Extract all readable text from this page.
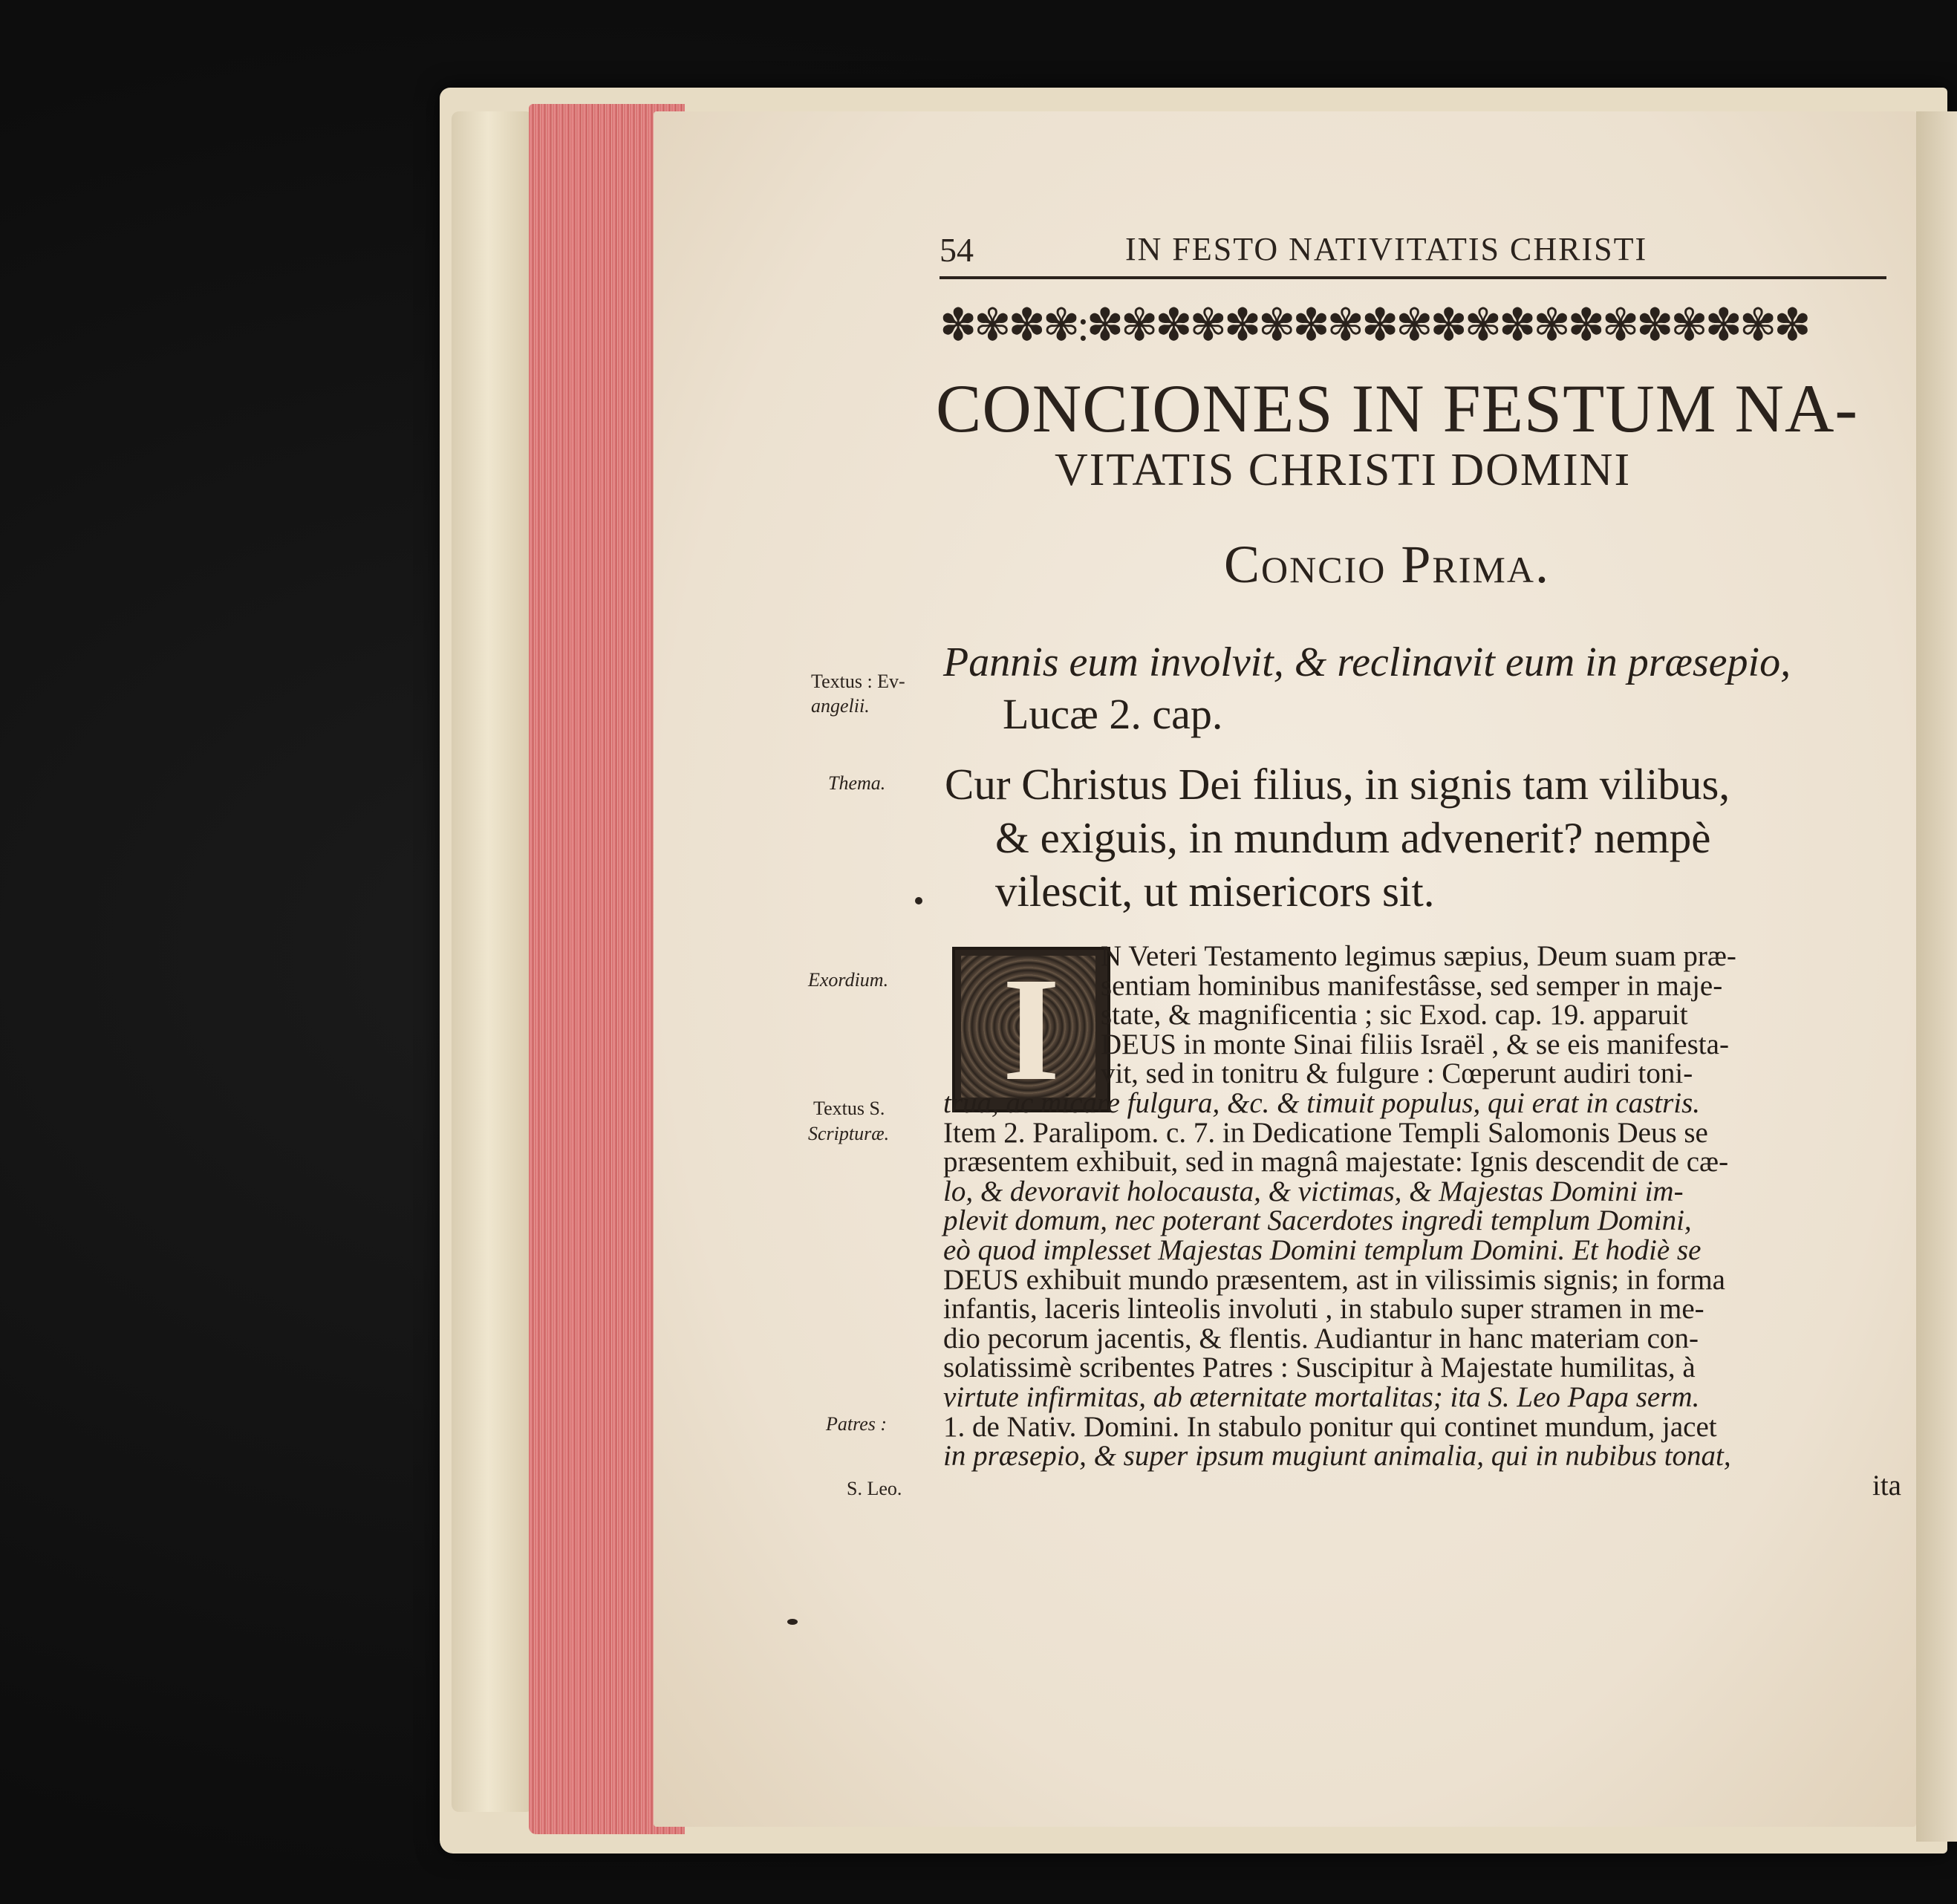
54	IN FESTO NATIVITATIS CHRISTI
✽✾✽✾:✽✾✽✾✽✾✽✾✽✾✽✾✽✾✽✾✽✾✽✾✽
CONCIONES IN FESTUM NA-
VITATIS CHRISTI DOMINI
Concio Prima.
Textus : Ev-
angelii.
Pannis eum involvit, & reclinavit eum in præsepio,
Lucæ 2. cap.
Thema. Cur Christus Dei filius, in signis tam vilibus,
& exiguis, in mundum advenerit? nempè
vilescit, ut misericors sit.
I	N Veteri Testamento legimus sæpius, Deum suam præ-
sentiam hominibus manifestâsse, sed semper in maje-
state, & magnificentia ; sic Exod. cap. 19. apparuit
DEUS in monte Sinai filiis Israël , & se eis manifesta-
vit, sed in tonitru & fulgure : Cœperunt audiri toni-
trua, ac micare fulgura, &c. & timuit populus, qui erat in castris.
Item 2. Paralipom. c. 7. in Dedicatione Templi Salomonis Deus se
præsentem exhibuit, sed in magnâ majestate: Ignis descendit de cæ-
lo, & devoravit holocausta, & victimas, & Majestas Domini im-
plevit domum, nec poterant Sacerdotes ingredi templum Domini,
eò quod implesset Majestas Domini templum Domini. Et hodiè se
DEUS exhibuit mundo præsentem, ast in vilissimis signis; in forma
infantis, laceris linteolis involuti , in stabulo super stramen in me-
dio pecorum jacentis, & flentis. Audiantur in hanc materiam con-
solatissimè scribentes Patres : Suscipitur à Majestate humilitas, à
virtute infirmitas, ab æternitate mortalitas; ita S. Leo Papa serm.
1. de Nativ. Domini. In stabulo ponitur qui continet mundum, jacet
in præsepio, & super ipsum mugiunt animalia, qui in nubibus tonat,
ita
Exordium.
Textus S.
Scripturæ.
Patres :
S. Leo.
